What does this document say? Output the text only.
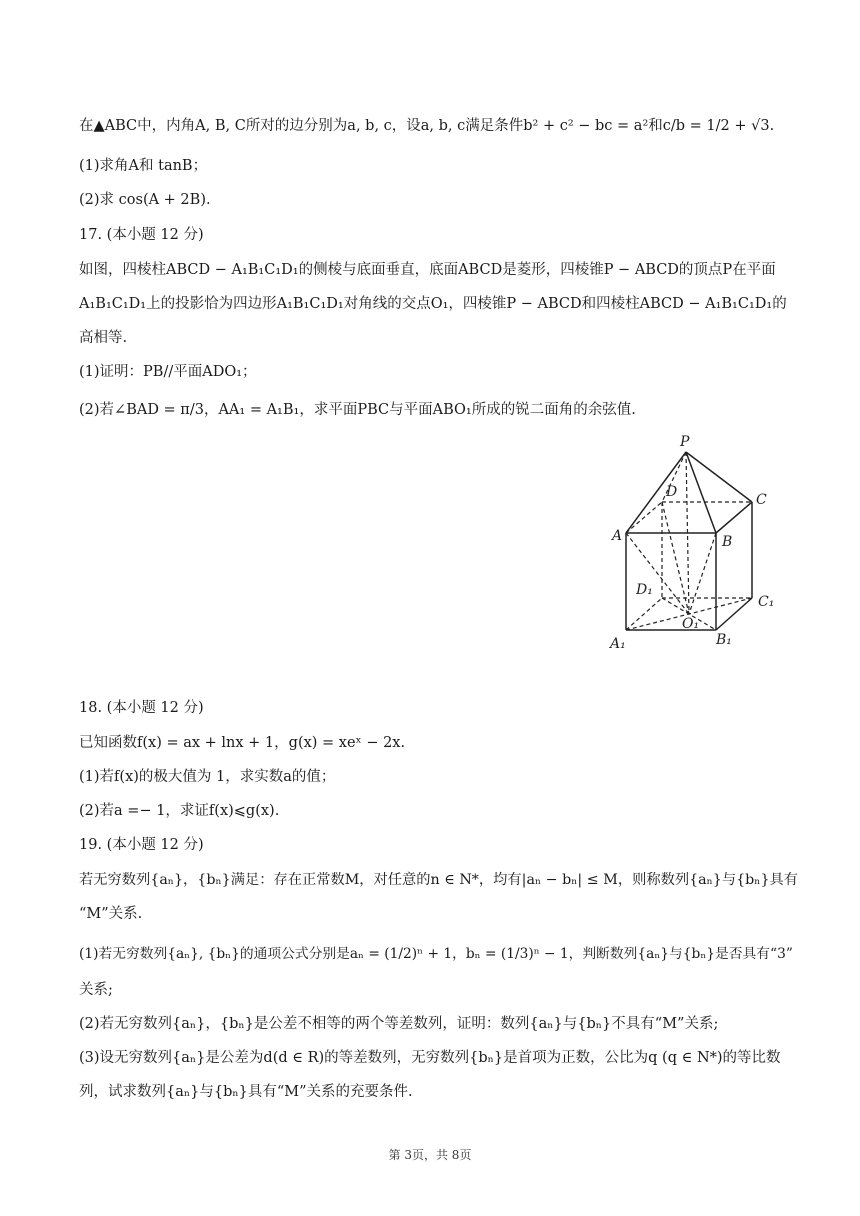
在▲ABC中，内角A, B, C所对的边分别为a, b, c，设a, b, c满足条件b² + c² − bc = a²和c/b = 1/2 + √3.
(1)求角A和 tanB；
(2)求 cos(A + 2B).
17. (本小题 12 分)
如图，四棱柱ABCD − A₁B₁C₁D₁的侧棱与底面垂直，底面ABCD是菱形，四棱锥P − ABCD的顶点P在平面
A₁B₁C₁D₁上的投影恰为四边形A₁B₁C₁D₁对角线的交点O₁，四棱锥P − ABCD和四棱柱ABCD − A₁B₁C₁D₁的
高相等.
(1)证明：PB//平面ADO₁；
(2)若∠BAD = π/3，AA₁ = A₁B₁，求平面PBC与平面ABO₁所成的锐二面角的余弦值.
P
D	C
A	B
D₁
C₁
O₁
A₁	B₁
18. (本小题 12 分)
已知函数f(x) = ax + lnx + 1，g(x) = xeˣ − 2x.
(1)若f(x)的极大值为 1，求实数a的值；
(2)若a =− 1，求证f(x)⩽g(x).
19. (本小题 12 分)
若无穷数列{aₙ}，{bₙ}满足：存在正常数M，对任意的n ∈ N*，均有|aₙ − bₙ| ≤ M，则称数列{aₙ}与{bₙ}具有
“M”关系.
(1)若无穷数列{aₙ}, {bₙ}的通项公式分别是aₙ = (1/2)ⁿ + 1，bₙ = (1/3)ⁿ − 1，判断数列{aₙ}与{bₙ}是否具有“3”
关系;
(2)若无穷数列{aₙ}，{bₙ}是公差不相等的两个等差数列，证明：数列{aₙ}与{bₙ}不具有“M”关系;
(3)设无穷数列{aₙ}是公差为d(d ∈ R)的等差数列，无穷数列{bₙ}是首项为正数，公比为q (q ∈ N*)的等比数
列，试求数列{aₙ}与{bₙ}具有“M”关系的充要条件.
第 3页，共 8页
